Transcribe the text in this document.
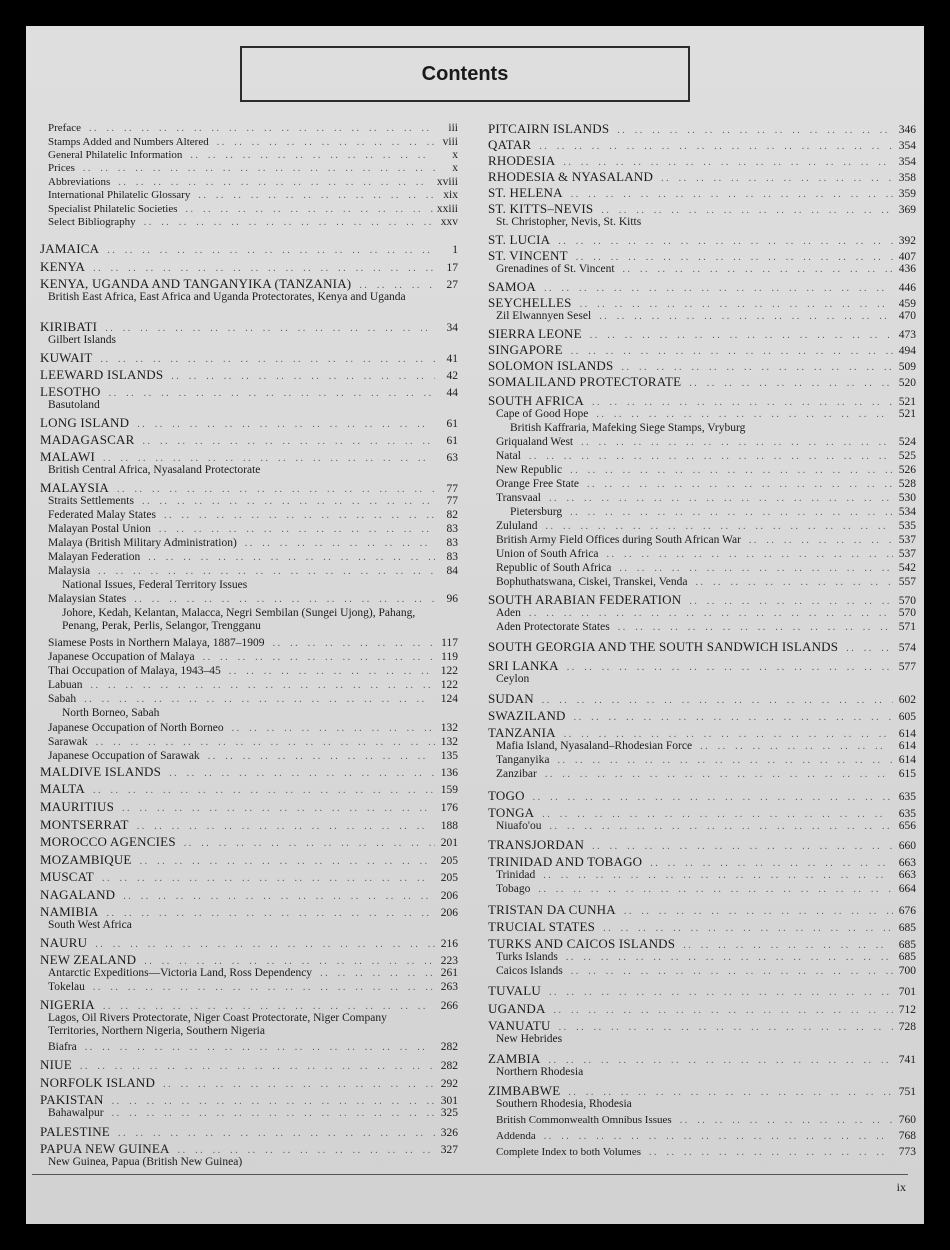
Contents
Preface . .	iii
Stamps Added and Numbers Altered . .	viii
General Philatelic Information . .	x
Prices . .	x
Abbreviations . .	xviii
International Philatelic Glossary . .	xix
Specialist Philatelic Societies . .	xxiii
Select Bibliography . .	xxv
JAMAICA . .	1
KENYA . .	17
KENYA, UGANDA AND TANGANYIKA (TANZANIA) . .	27
British East Africa, East Africa and Uganda Protectorates, Kenya and Uganda
KIRIBATI . .	34
Gilbert Islands
KUWAIT . .	41
LEEWARD ISLANDS . .	42
LESOTHO . .	44
Basutoland
LONG ISLAND . .	61
MADAGASCAR . .	61
MALAWI . .	63
British Central Africa, Nyasaland Protectorate
MALAYSIA . .	77
Straits Settlements . .	77
Federated Malay States . .	82
Malayan Postal Union . .	83
Malaya (British Military Administration) . .	83
Malayan Federation . .	83
Malaysia . .	84
National Issues, Federal Territory Issues
Malaysian States . .	96
Johore, Kedah, Kelantan, Malacca, Negri Sembilan (Sungei Ujong), Pahang, Penang, Perak, Perlis, Selangor, Trengganu
Siamese Posts in Northern Malaya, 1887–1909 . .	117
Japanese Occupation of Malaya . .	119
Thai Occupation of Malaya, 1943–45 . .	122
Labuan . .	122
Sabah . .	124
North Borneo, Sabah
Japanese Occupation of North Borneo . .	132
Sarawak . .	132
Japanese Occupation of Sarawak . .	135
MALDIVE ISLANDS . .	136
MALTA . .	159
MAURITIUS . .	176
MONTSERRAT . .	188
MOROCCO AGENCIES . .	201
MOZAMBIQUE . .	205
MUSCAT . .	205
NAGALAND . .	206
NAMIBIA . .	206
South West Africa
NAURU . .	216
NEW ZEALAND . .	223
Antarctic Expeditions—Victoria Land, Ross Dependency . .	261
Tokelau . .	263
NIGERIA . .	266
Lagos, Oil Rivers Protectorate, Niger Coast Protectorate, Niger Company Territories, Northern Nigeria, Southern Nigeria
Biafra . .	282
NIUE . .	282
NORFOLK ISLAND . .	292
PAKISTAN . .	301
Bahawalpur . .	325
PALESTINE . .	326
PAPUA NEW GUINEA . .	327
New Guinea, Papua (British New Guinea)
PITCAIRN ISLANDS . .	346
QATAR . .	354
RHODESIA . .	354
RHODESIA & NYASALAND . .	358
ST. HELENA . .	359
ST. KITTS–NEVIS . .	369
St. Christopher, Nevis, St. Kitts
ST. LUCIA . .	392
ST. VINCENT . .	407
Grenadines of St. Vincent . .	436
SAMOA . .	446
SEYCHELLES . .	459
Zil Elwannyen Sesel . .	470
SIERRA LEONE . .	473
SINGAPORE . .	494
SOLOMON ISLANDS . .	509
SOMALILAND PROTECTORATE . .	520
SOUTH AFRICA . .	521
Cape of Good Hope . .	521
British Kaffraria, Mafeking Siege Stamps, Vryburg
Griqualand West . .	524
Natal . .	525
New Republic . .	526
Orange Free State . .	528
Transvaal . .	530
Pietersburg . .	534
Zululand . .	535
British Army Field Offices during South African War . .	537
Union of South Africa . .	537
Republic of South Africa . .	542
Bophuthatswana, Ciskei, Transkei, Venda . .	557
SOUTH ARABIAN FEDERATION . .	570
Aden . .	570
Aden Protectorate States . .	571
SOUTH GEORGIA AND THE SOUTH SANDWICH ISLANDS . .	574
SRI LANKA . .	577
Ceylon
SUDAN . .	602
SWAZILAND . .	605
TANZANIA . .	614
Mafia Island, Nyasaland–Rhodesian Force . .	614
Tanganyika . .	614
Zanzibar . .	615
TOGO . .	635
TONGA . .	635
Niuafo'ou . .	656
TRANSJORDAN . .	660
TRINIDAD AND TOBAGO . .	663
Trinidad . .	663
Tobago . .	664
TRISTAN DA CUNHA . .	676
TRUCIAL STATES . .	685
TURKS AND CAICOS ISLANDS . .	685
Turks Islands . .	685
Caicos Islands . .	700
TUVALU . .	701
UGANDA . .	712
VANUATU . .	728
New Hebrides
ZAMBIA . .	741
Northern Rhodesia
ZIMBABWE . .	751
Southern Rhodesia, Rhodesia
British Commonwealth Omnibus Issues . .	760
Addenda . .	768
Complete Index to both Volumes . .	773
ix
